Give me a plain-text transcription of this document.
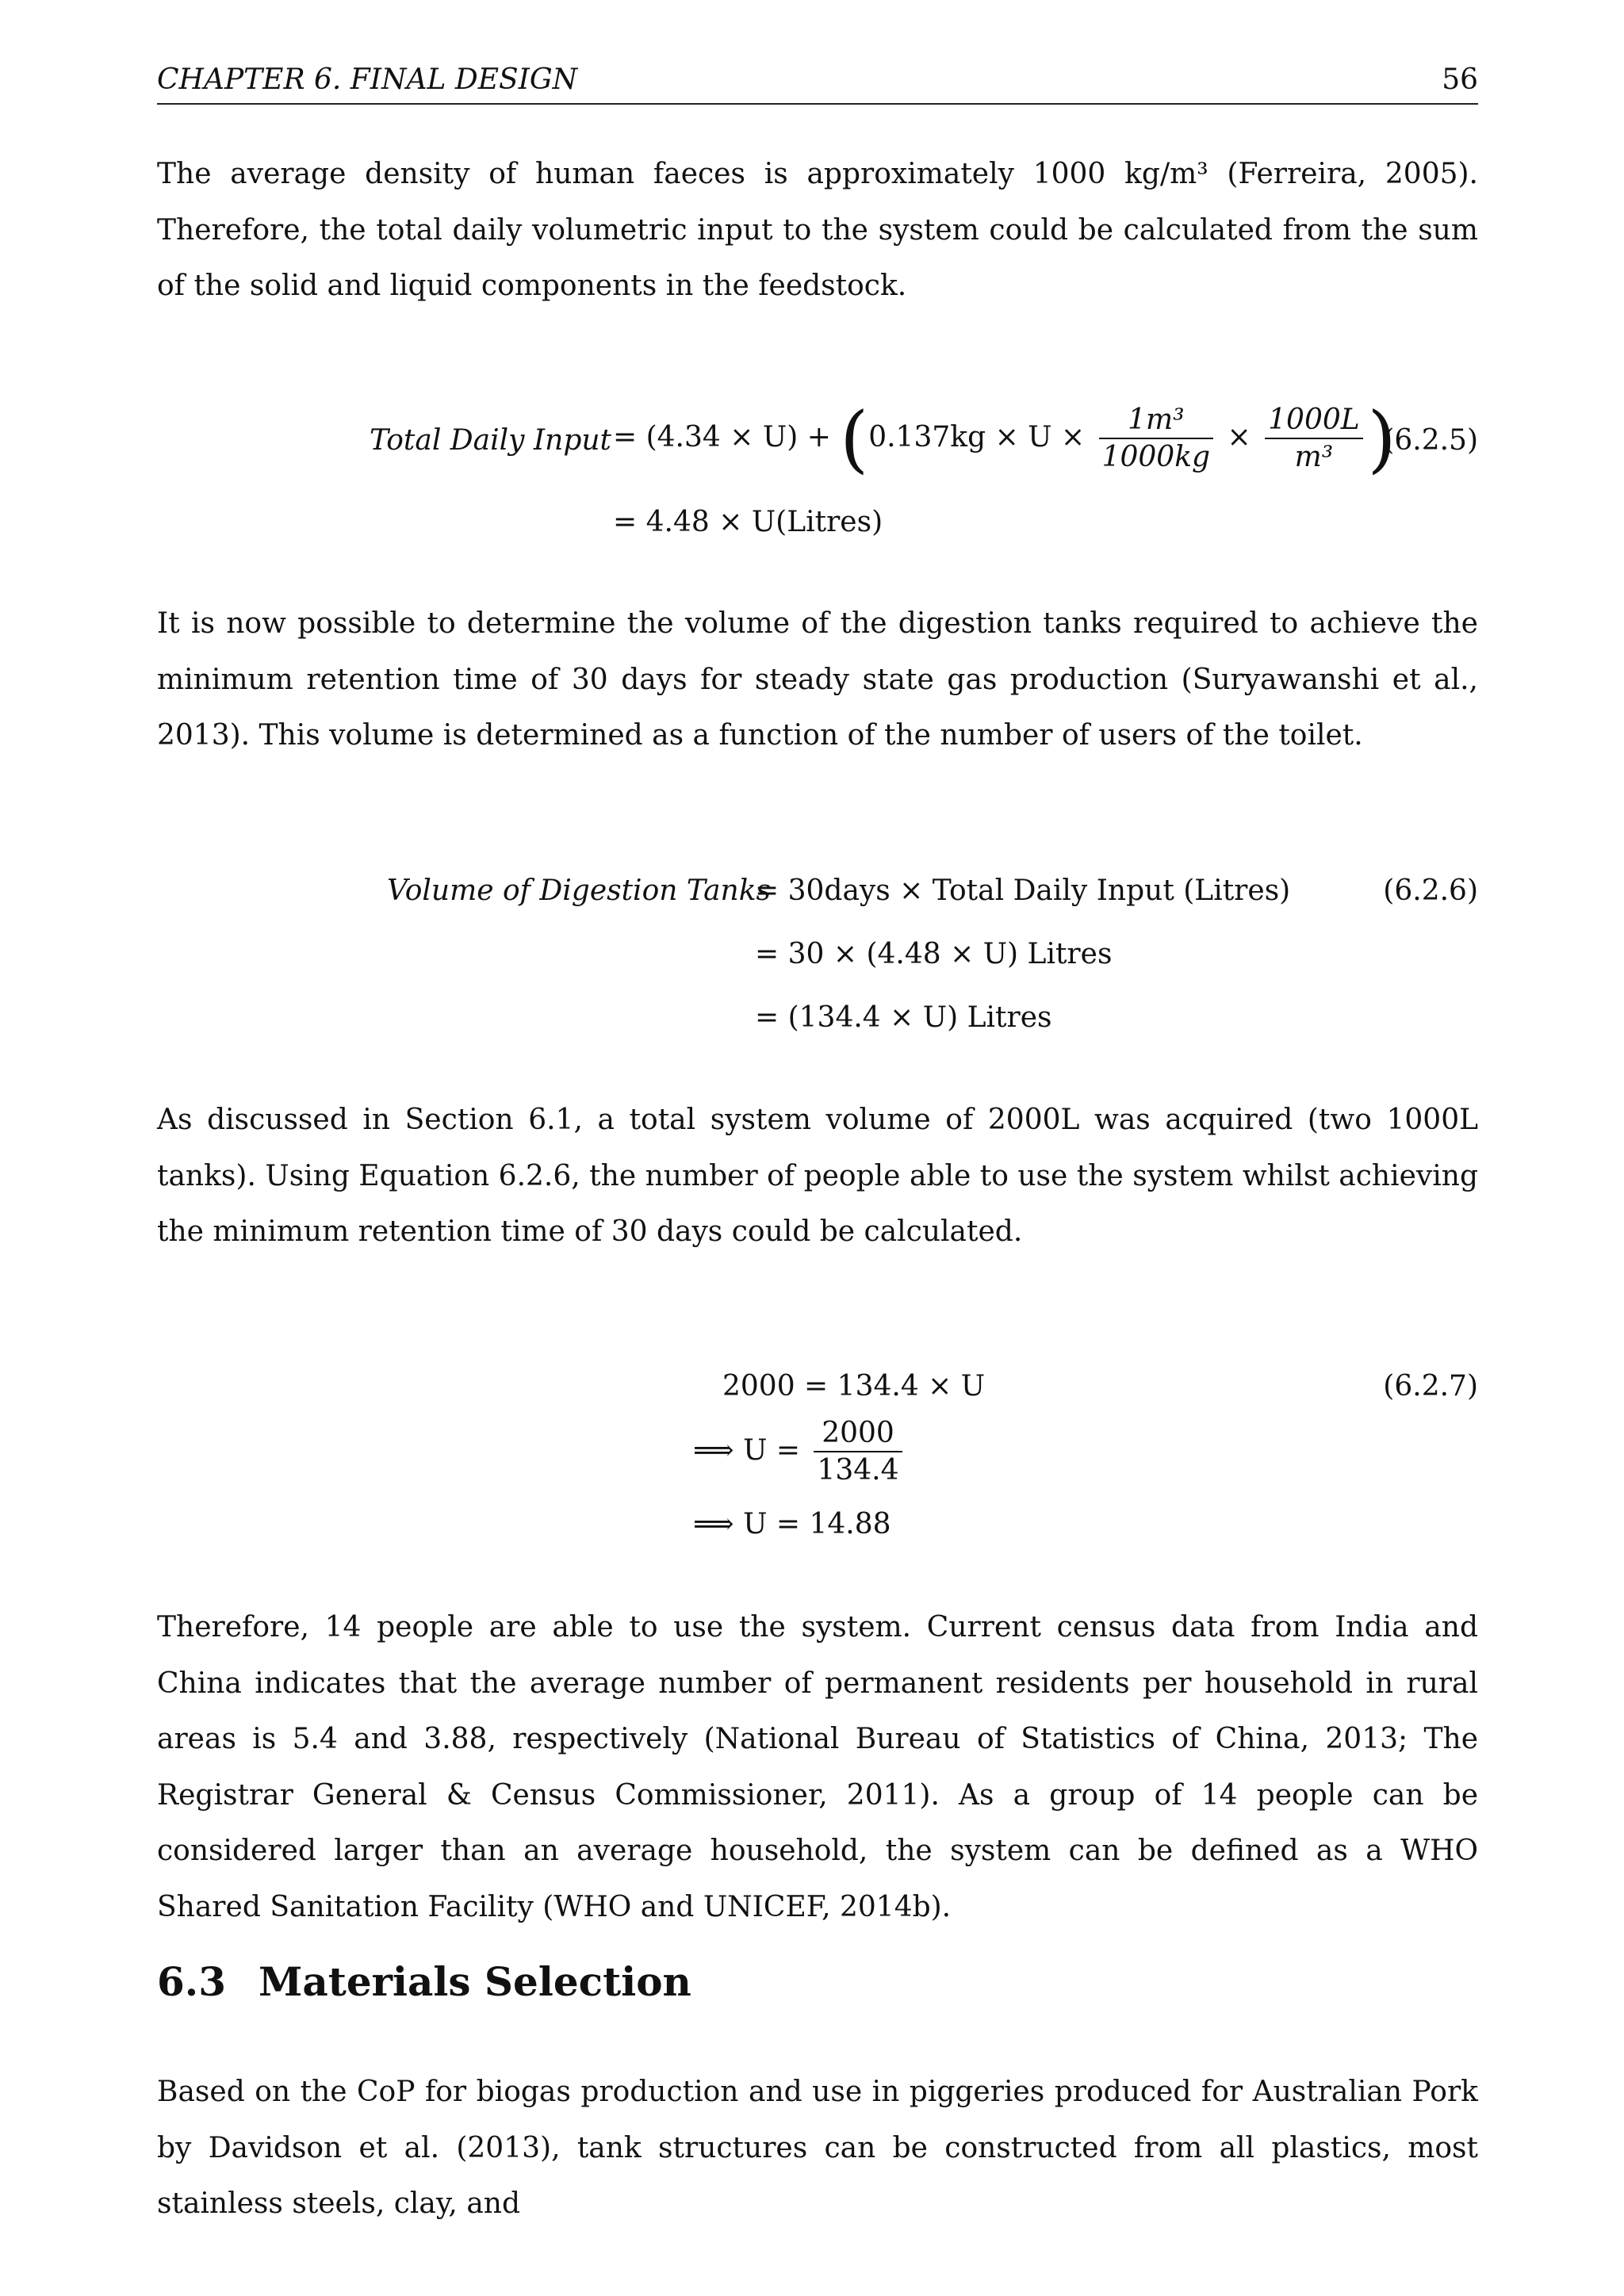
CHAPTER 6. FINAL DESIGN	56

The average density of human faeces is approximately 1000 kg/m³ (Ferreira, 2005). Therefore, the total daily volumetric input to the system could be calculated from the sum of the solid and liquid components in the feedstock.

Total Daily Input = $(4.34 \times U) + (0.137kg \times U \times \frac{\text{1m³}}{1000kg} \times \frac{1000L}{\text{m³}}$ )
(6.2.5)
= 4.48 × U(Litres)

It is now possible to determine the volume of the digestion tanks required to achieve the minimum retention time of 30 days for steady state gas production (Suryawanshi et al., 2013). This volume is determined as a function of the number of users of the toilet.

Volume of Digestion Tanks
= 30days × Total Daily Input (Litres)	(6.2.6)
= 30 × (4.48 × U) Litres
= (134.4 × U) Litres

As discussed in Section 6.1, a total system volume of 2000L was acquired (two 1000L tanks). Using Equation 6.2.6, the number of people able to use the system whilst achieving the minimum retention time of 30 days could be calculated.

2000 = 134.4 × U	(6.2.7)
⟹ $U = \frac{2000}{134.4}$
⟹ U = 14.88

Therefore, 14 people are able to use the system. Current census data from India and China indicates that the average number of permanent residents per household in rural areas is 5.4 and 3.88, respectively (National Bureau of Statistics of China, 2013; The Registrar General & Census Commissioner, 2011). As a group of 14 people can be considered larger than an average household, the system can be defined as a WHO Shared Sanitation Facility (WHO and UNICEF, 2014b).

6.3 Materials Selection

Based on the CoP for biogas production and use in piggeries produced for Australian Pork by Davidson et al. (2013), tank structures can be constructed from all plastics, most stainless steels, clay, and
